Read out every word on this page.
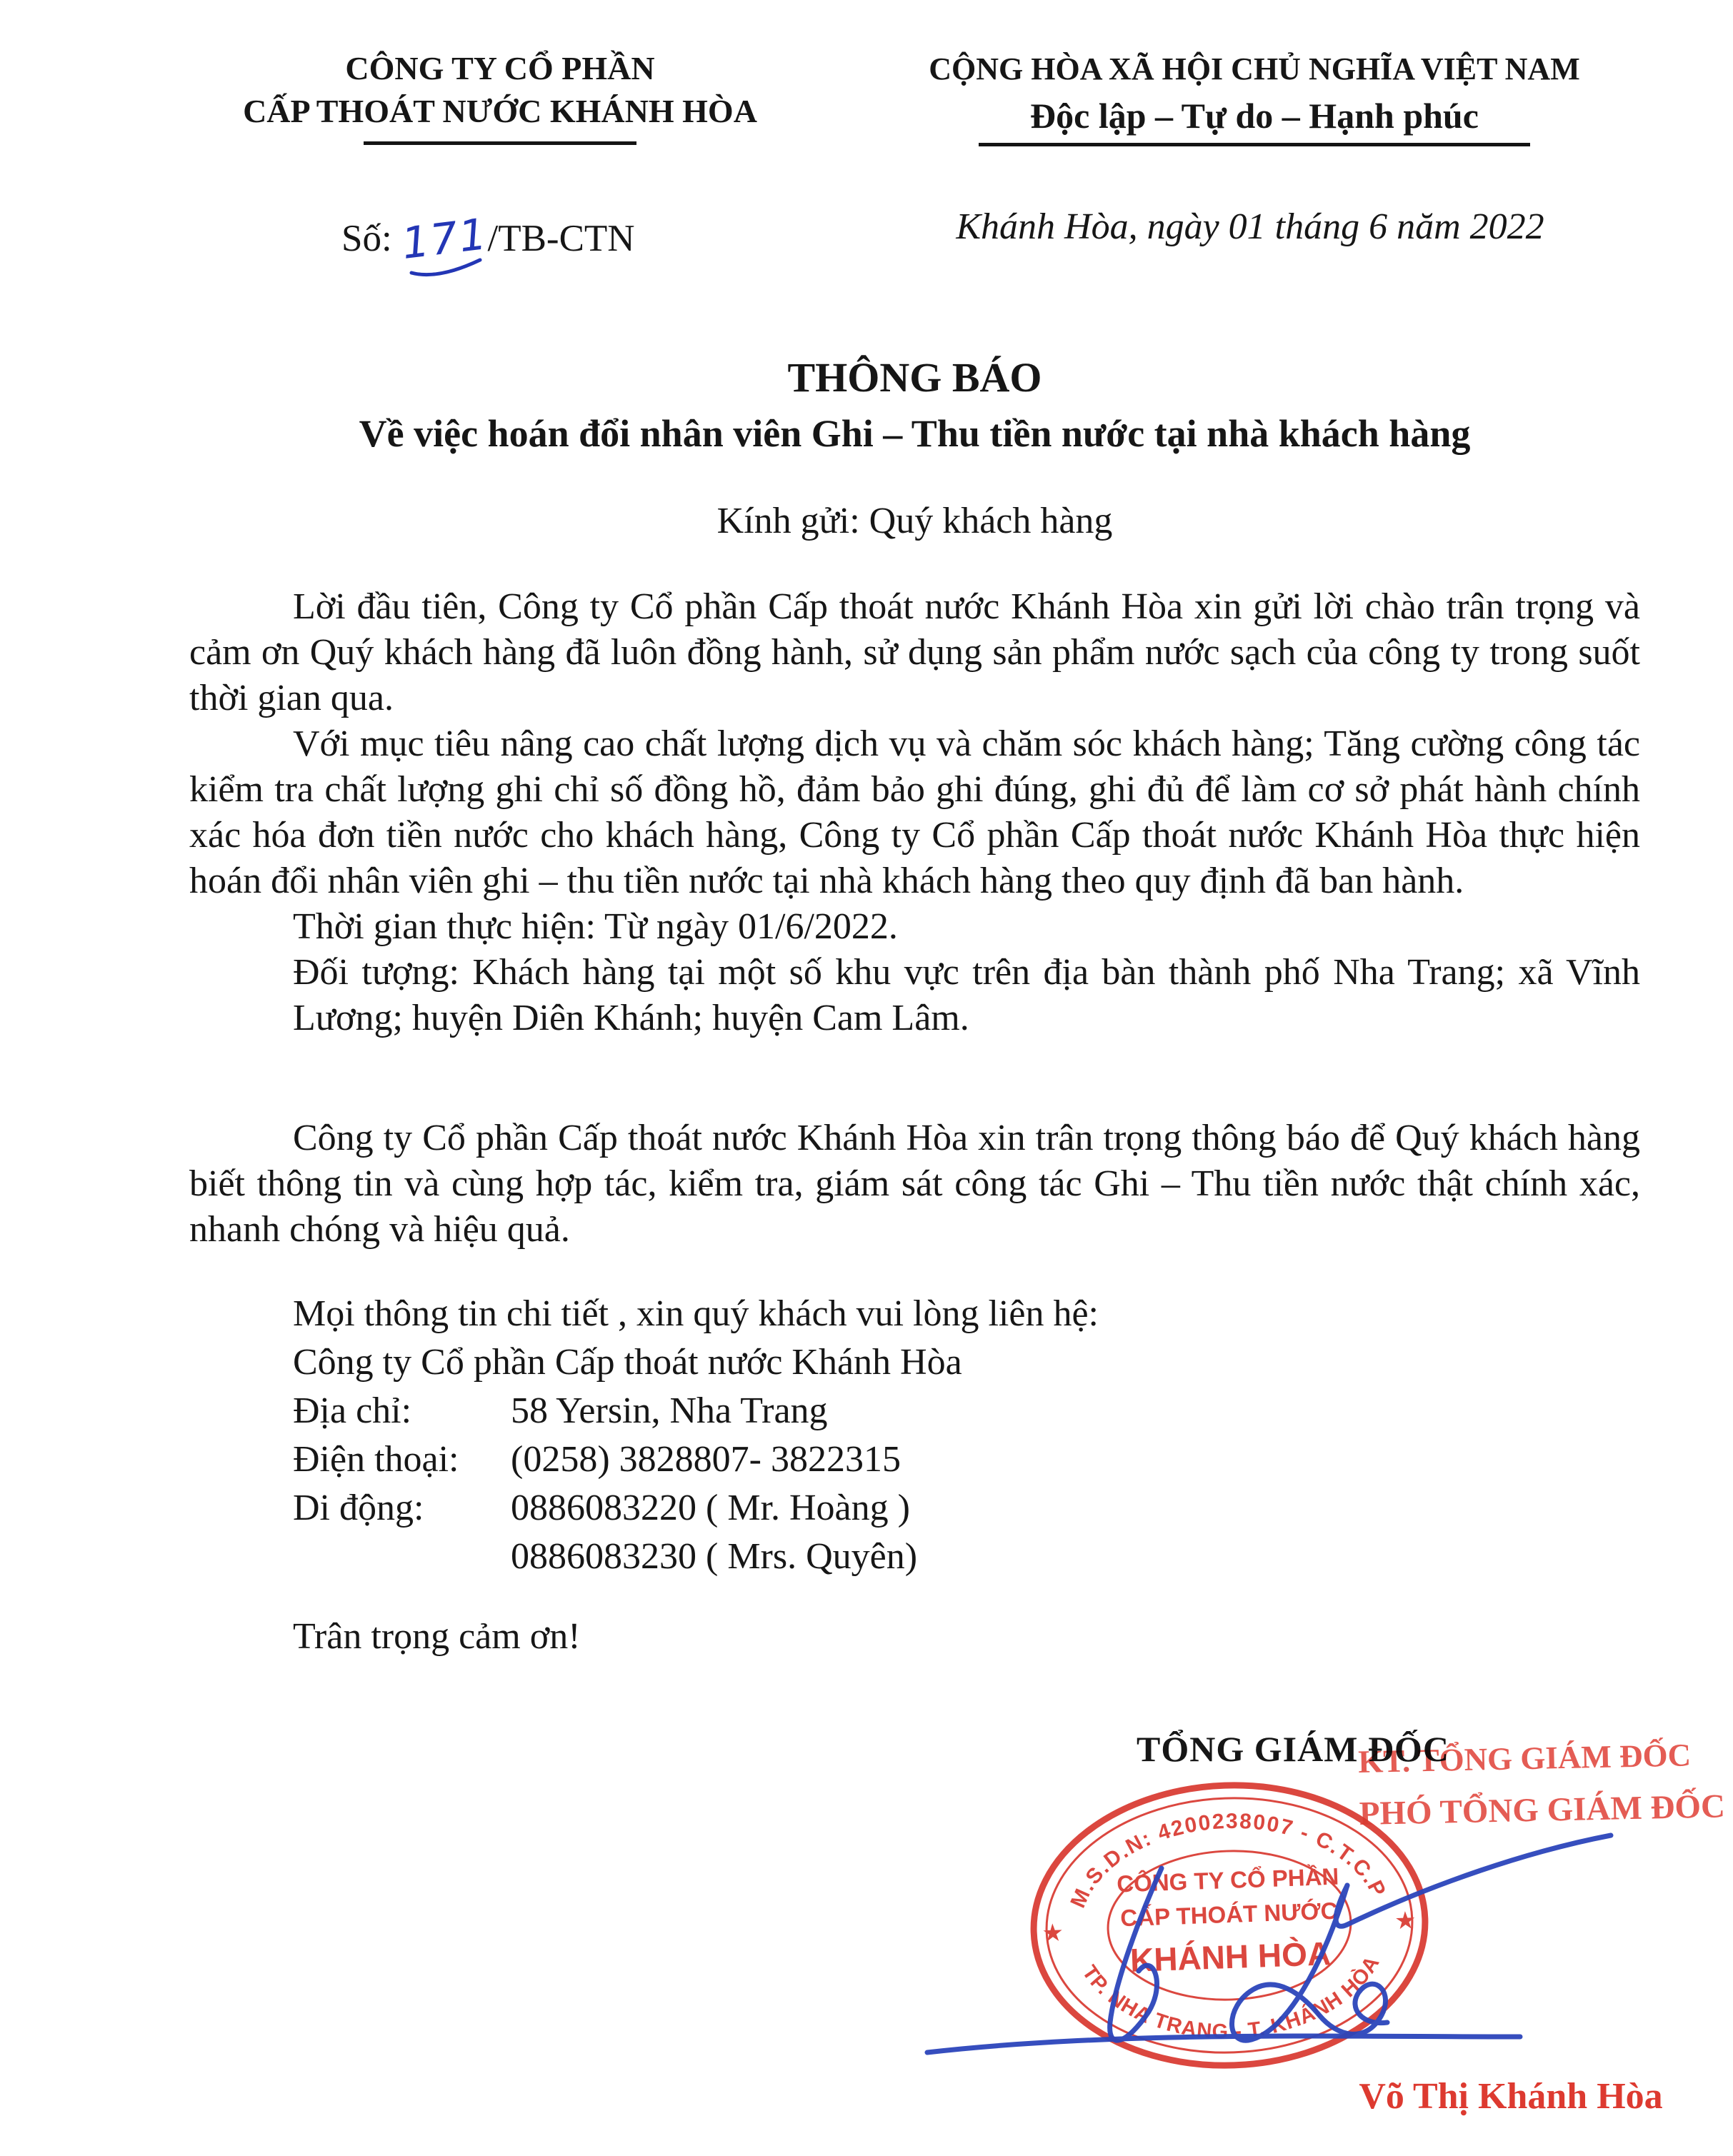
CÔNG TY CỔ PHẦN
CẤP THOÁT NƯỚC KHÁNH HÒA
CỘNG HÒA XÃ HỘI CHỦ NGHĨA VIỆT NAM
Độc lập – Tự do – Hạnh phúc
Số: 171
/TB-CTN	Khánh Hòa, ngày 01 tháng 6 năm 2022
THÔNG BÁO
Về việc hoán đổi nhân viên Ghi – Thu tiền nước tại nhà khách hàng
Kính gửi: Quý khách hàng

Lời đầu tiên, Công ty Cổ phần Cấp thoát nước Khánh Hòa xin gửi lời chào trân trọng và cảm ơn Quý khách hàng đã luôn đồng hành, sử dụng sản phẩm nước sạch của công ty trong suốt thời gian qua.

Với mục tiêu nâng cao chất lượng dịch vụ và chăm sóc khách hàng; Tăng cường công tác kiểm tra chất lượng ghi chỉ số đồng hồ, đảm bảo ghi đúng, ghi đủ để làm cơ sở phát hành chính xác hóa đơn tiền nước cho khách hàng, Công ty Cổ phần Cấp thoát nước Khánh Hòa thực hiện hoán đổi nhân viên ghi – thu tiền nước tại nhà khách hàng theo quy định đã ban hành.

Thời gian thực hiện: Từ ngày 01/6/2022.

Đối tượng: Khách hàng tại một số khu vực trên địa bàn thành phố Nha Trang; xã Vĩnh Lương; huyện Diên Khánh; huyện Cam Lâm.

Công ty Cổ phần Cấp thoát nước Khánh Hòa xin trân trọng thông báo để Quý khách hàng biết thông tin và cùng hợp tác, kiểm tra, giám sát công tác Ghi – Thu tiền nước thật chính xác, nhanh chóng và hiệu quả.

Mọi thông tin chi tiết , xin quý khách vui lòng liên hệ:
Công ty Cổ phần Cấp thoát nước Khánh Hòa
Địa chỉ:	58 Yersin, Nha Trang
Điện thoại:	(0258) 3828807- 3822315
Di động:	0886083220 ( Mr. Hoàng )
0886083230 ( Mrs. Quyên)
Trân trọng cảm ơn!
TỔNG GIÁM ĐỐC
KT. TỔNG GIÁM ĐỐC
PHÓ TỔNG GIÁM ĐỐC
M.S.D.N: 4200238007 - C.T.C.P
TP. NHA TRANG - T. KHÁNH HÒA
★
★
CÔNG TY CỔ PHẦN
CẤP THOÁT NƯỚC
KHÁNH HÒA
Võ Thị Khánh Hòa
